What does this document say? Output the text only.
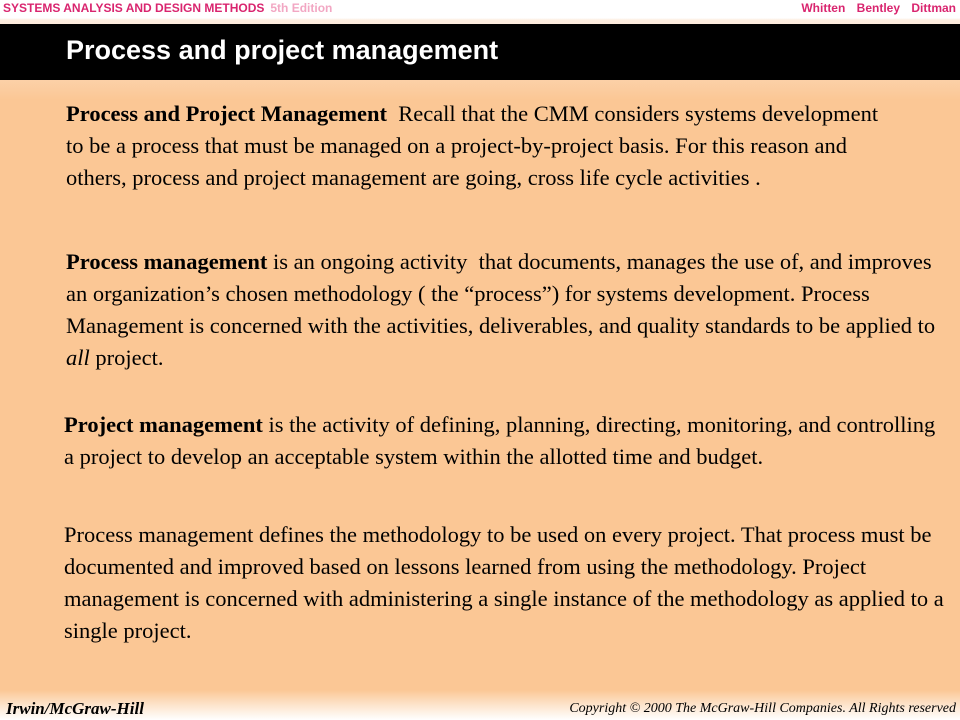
SYSTEMS ANALYSIS AND DESIGN METHODS 5th Edition	Whitten Bentley Dittman
Process and project management

Process and Project Management  Recall that the CMM considers systems development to be a process that must be managed on a project-by-project basis. For this reason and others, process and project management are going, cross life cycle activities .

Process management is an ongoing activity  that documents, manages the use of, and improves an organization’s chosen methodology ( the “process”) for systems development. Process Management is concerned with the activities, deliverables, and quality standards to be applied to all project.

Project management is the activity of defining, planning, directing, monitoring, and controlling a project to develop an acceptable system within the allotted time and budget.

Process management defines the methodology to be used on every project. That process must be documented and improved based on lessons learned from using the methodology. Project management is concerned with administering a single instance of the methodology as applied to a single project.

Irwin/McGraw-Hill	Copyright © 2000 The McGraw-Hill Companies. All Rights reserved
